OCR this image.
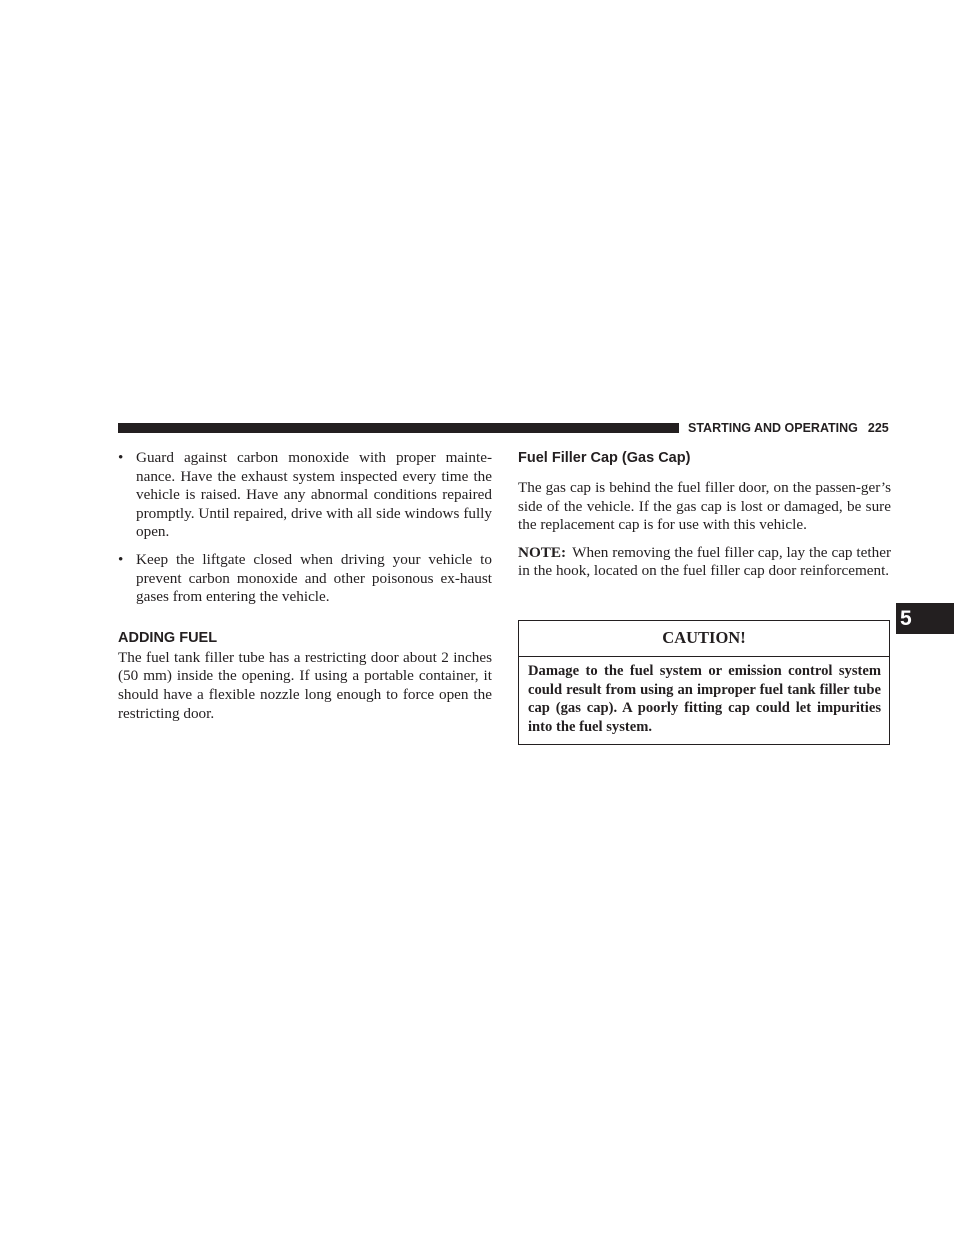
STARTING AND OPERATING 225
• Guard against carbon monoxide with proper mainte-nance. Have the exhaust system inspected every time the vehicle is raised. Have any abnormal conditions repaired promptly. Until repaired, drive with all side windows fully open.
• Keep the liftgate closed when driving your vehicle to prevent carbon monoxide and other poisonous ex-haust gases from entering the vehicle.
ADDING FUEL

The fuel tank filler tube has a restricting door about 2 inches (50 mm) inside the opening. If using a portable container, it should have a flexible nozzle long enough to force open the restricting door.

Fuel Filler Cap (Gas Cap)

The gas cap is behind the fuel filler door, on the passen-ger’s side of the vehicle. If the gas cap is lost or damaged, be sure the replacement cap is for use with this vehicle.

NOTE: When removing the fuel filler cap, lay the cap tether in the hook, located on the fuel filler cap door reinforcement.

CAUTION!
Damage to the fuel system or emission control system could result from using an improper fuel tank filler tube cap (gas cap). A poorly fitting cap could let impurities into the fuel system.
5
